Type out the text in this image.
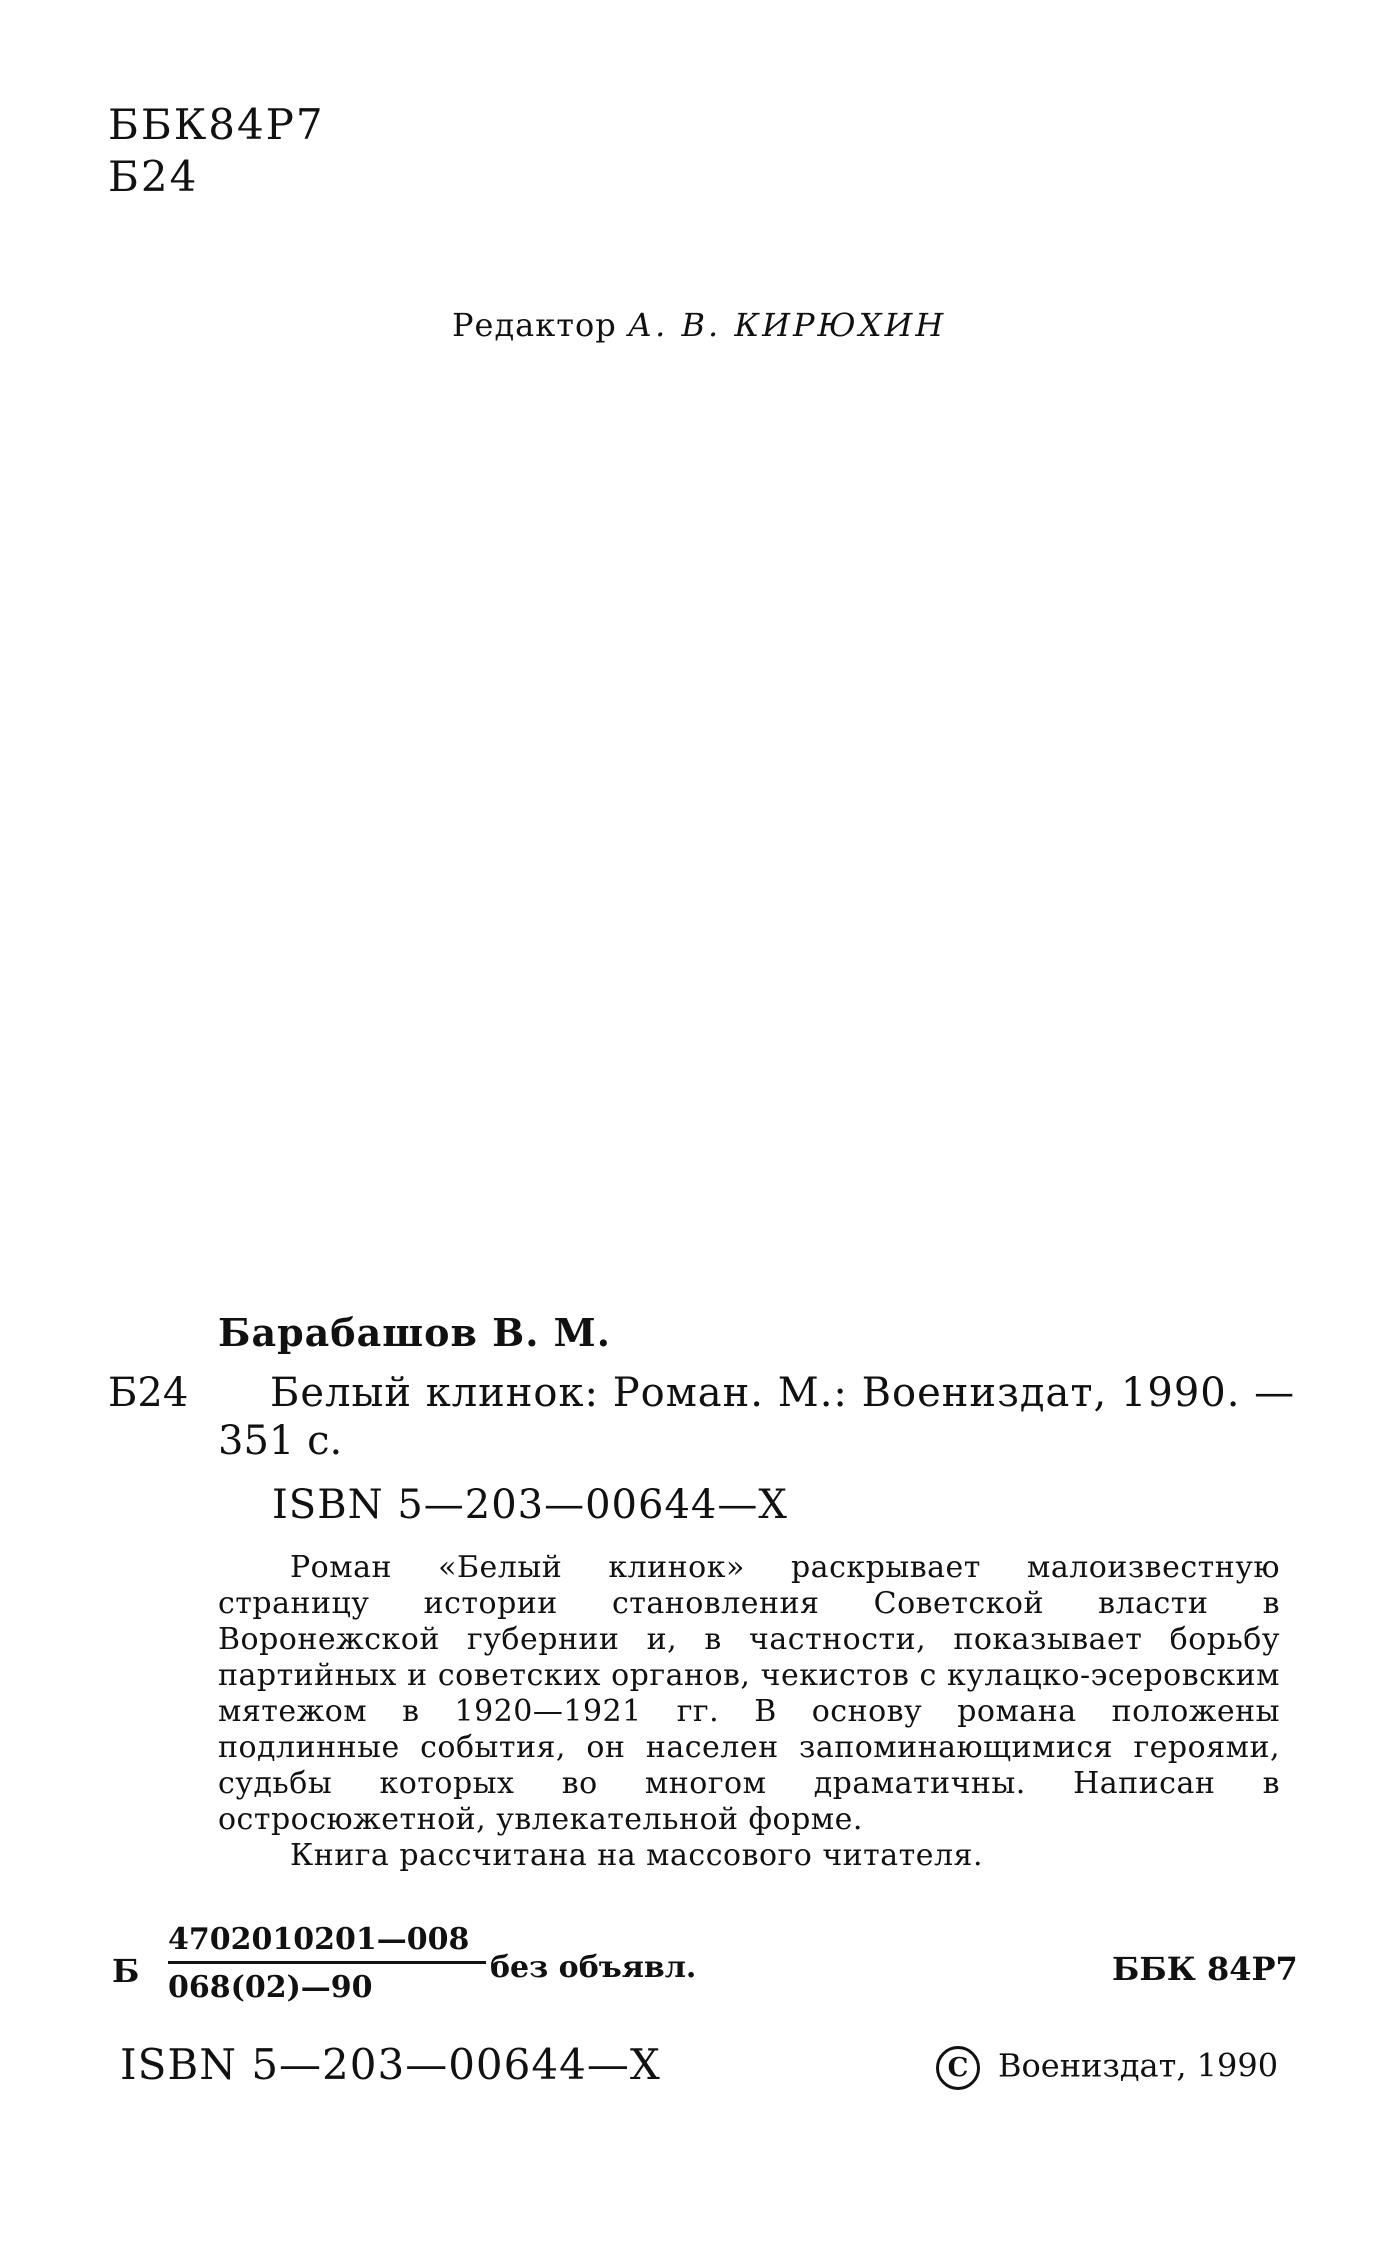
ББК84Р7
Б24
Редактор А. В. КИРЮХИН
Барабашов В. М.
Б24 Белый клинок: Роман. М.: Воениздат, 1990. —
351 с.
ISBN 5—203—00644—X

Роман «Белый клинок» раскрывает малоизвестную страницу истории становления Советской власти в Воронежской губернии и, в частности, показывает борьбу партийных и советских органов, чекистов с кулацко-эсеровским мятежом в 1920—1921 гг. В основу романа положены подлинные события, он населен запоминающимися героями, судьбы которых во многом драматичны. Написан в остросюжетной, увлекательной форме.

Книга рассчитана на массового читателя.

Б
4702010201—008
068(02)—90
без объявл.	ББК 84Р7
ISBN 5—203—00644—X	C Воениздат, 1990
